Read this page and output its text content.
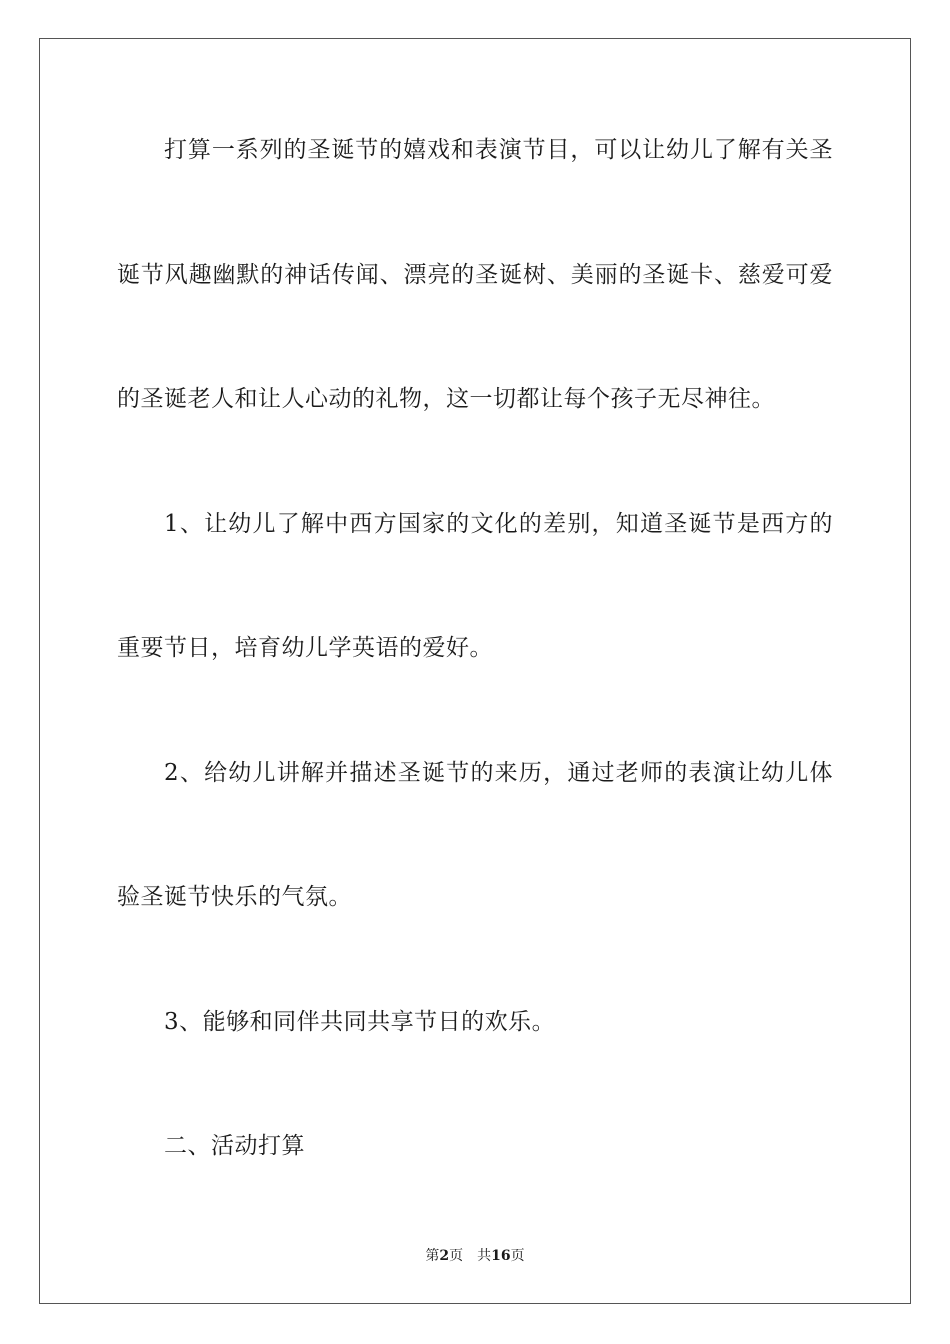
打算一系列的圣诞节的嬉戏和表演节目，可以让幼儿了解有关圣
诞节风趣幽默的神话传闻、漂亮的圣诞树、美丽的圣诞卡、慈爱可爱
的圣诞老人和让人心动的礼物，这一切都让每个孩子无尽神往。
1、让幼儿了解中西方国家的文化的差别，知道圣诞节是西方的
重要节日，培育幼儿学英语的爱好。
2、给幼儿讲解并描述圣诞节的来历，通过老师的表演让幼儿体
验圣诞节快乐的气氛。
3、能够和同伴共同共享节日的欢乐。
二、活动打算
第2页 共16页
